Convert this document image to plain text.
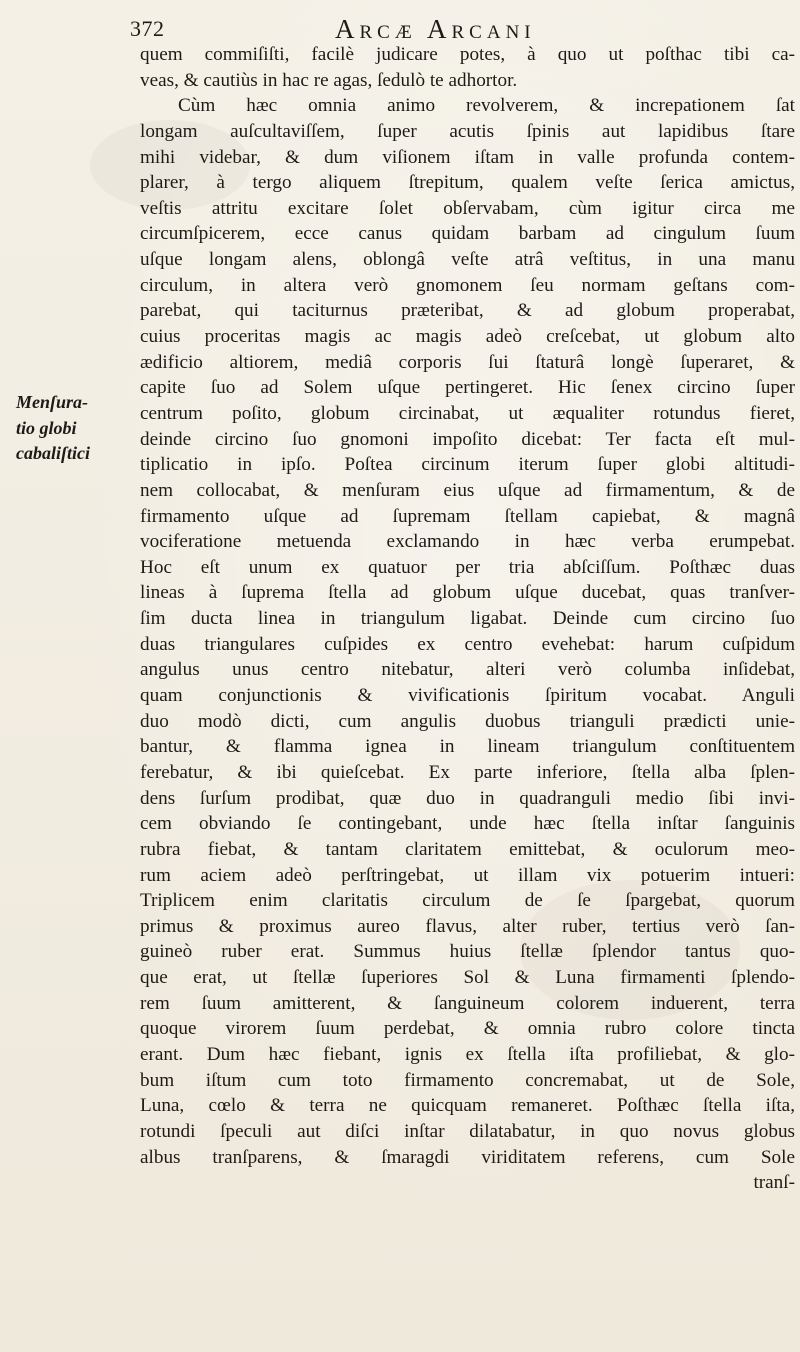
372	Arcæ Arcani
Menſura-
tio globi
cabaliſtici
quem commiſiſti, facilè judicare potes, à quo ut poſthac tibi ca-
veas, & cautiùs in hac re agas, ſedulò te adhortor.
Cùm hæc omnia animo revolverem, & increpationem ſat
longam auſcultaviſſem, ſuper acutis ſpinis aut lapidibus ſtare
mihi videbar, & dum viſionem iſtam in valle profunda contem-
plarer, à tergo aliquem ſtrepitum, qualem veſte ſerica amictus,
veſtis attritu excitare ſolet obſervabam, cùm igitur circa me
circumſpicerem, ecce canus quidam barbam ad cingulum ſuum
uſque longam alens, oblongâ veſte atrâ veſtitus, in una manu
circulum, in altera verò gnomonem ſeu normam geſtans com-
parebat, qui taciturnus præteribat, & ad globum properabat,
cuius proceritas magis ac magis adeò creſcebat, ut globum alto
ædificio altiorem, mediâ corporis ſui ſtaturâ longè ſuperaret, &
capite ſuo ad Solem uſque pertingeret. Hic ſenex circino ſuper
centrum poſito, globum circinabat, ut æqualiter rotundus fieret,
deinde circino ſuo gnomoni impoſito dicebat: Ter facta eſt mul-
tiplicatio in ipſo. Poſtea circinum iterum ſuper globi altitudi-
nem collocabat, & menſuram eius uſque ad firmamentum, & de
firmamento uſque ad ſupremam ſtellam capiebat, & magnâ
vociferatione metuenda exclamando in hæc verba erumpebat.
Hoc eſt unum ex quatuor per tria abſciſſum. Poſthæc duas
lineas à ſuprema ſtella ad globum uſque ducebat, quas tranſver-
ſim ducta linea in triangulum ligabat. Deinde cum circino ſuo
duas triangulares cuſpides ex centro evehebat: harum cuſpidum
angulus unus centro nitebatur, alteri verò columba inſidebat,
quam conjunctionis & vivificationis ſpiritum vocabat. Anguli
duo modò dicti, cum angulis duobus trianguli prædicti unie-
bantur, & flamma ignea in lineam triangulum conſtituentem
ferebatur, & ibi quieſcebat. Ex parte inferiore, ſtella alba ſplen-
dens ſurſum prodibat, quæ duo in quadranguli medio ſibi invi-
cem obviando ſe contingebant, unde hæc ſtella inſtar ſanguinis
rubra fiebat, & tantam claritatem emittebat, & oculorum meo-
rum aciem adeò perſtringebat, ut illam vix potuerim intueri:
Triplicem enim claritatis circulum de ſe ſpargebat, quorum
primus & proximus aureo flavus, alter ruber, tertius verò ſan-
guineò ruber erat. Summus huius ſtellæ ſplendor tantus quo-
que erat, ut ſtellæ ſuperiores Sol & Luna firmamenti ſplendo-
rem ſuum amitterent, & ſanguineum colorem induerent, terra
quoque virorem ſuum perdebat, & omnia rubro colore tincta
erant. Dum hæc fiebant, ignis ex ſtella iſta profiliebat, & glo-
bum iſtum cum toto firmamento concremabat, ut de Sole,
Luna, cœlo & terra ne quicquam remaneret. Poſthæc ſtella iſta,
rotundi ſpeculi aut diſci inſtar dilatabatur, in quo novus globus
albus tranſparens, & ſmaragdi viriditatem referens, cum Sole
tranſ-
